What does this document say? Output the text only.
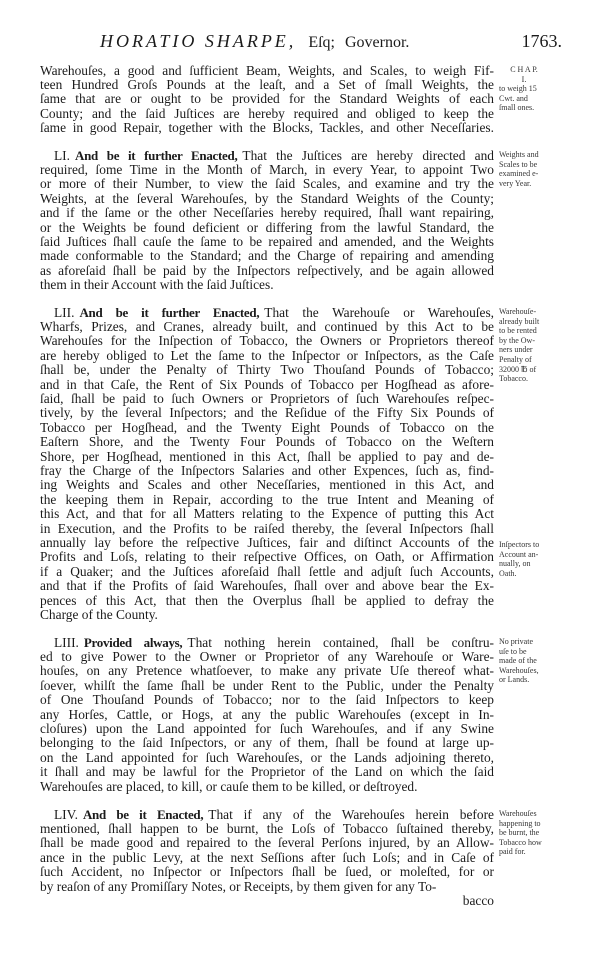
HORATIO SHARPE, Eſq; Governor.	1763.
Warehouſes, a good and ſufficient Beam, Weights, and Scales, to weigh Fif-
teen Hundred Groſs Pounds at the leaſt, and a Set of ſmall Weights, the
ſame that are or ought to be provided for the Standard Weights of each
County; and the ſaid Juſtices are hereby required and obliged to keep the
ſame in good Repair, together with the Blocks, Tackles, and other Neceſſaries.
C H A P.
I.
to weigh 15
Cwt. and
ſmall ones.
LI. And be it further Enacted, That the Juſtices are hereby directed and
required, ſome Time in the Month of March, in every Year, to appoint Two
or more of their Number, to view the ſaid Scales, and examine and try the
Weights, at the ſeveral Warehouſes, by the Standard Weights of the County;
and if the ſame or the other Neceſſaries hereby required, ſhall want repairing,
or the Weights be found deficient or differing from the lawful Standard, the
ſaid Juſtices ſhall cauſe the ſame to be repaired and amended, and the Weights
made conformable to the Standard; and the Charge of repairing and amending
as aforeſaid ſhall be paid by the Inſpectors reſpectively, and be again allowed
them in their Account with the ſaid Juſtices.
Weights and
Scales to be
examined e-
very Year.
LII. And be it further Enacted, That the Warehouſe or Warehouſes,
Wharfs, Prizes, and Cranes, already built, and continued by this Act to be
Warehouſes for the Inſpection of Tobacco, the Owners or Proprietors thereof
are hereby obliged to Let the ſame to the Inſpector or Inſpectors, as the Caſe
ſhall be, under the Penalty of Thirty Two Thouſand Pounds of Tobacco;
and in that Caſe, the Rent of Six Pounds of Tobacco per Hogſhead as afore-
ſaid, ſhall be paid to ſuch Owners or Proprietors of ſuch Warehouſes reſpec-
tively, by the ſeveral Inſpectors; and the Reſidue of the Fifty Six Pounds of
Tobacco per Hogſhead, and the Twenty Eight Pounds of Tobacco on the
Eaſtern Shore, and the Twenty Four Pounds of Tobacco on the Weſtern
Shore, per Hogſhead, mentioned in this Act, ſhall be applied to pay and de-
fray the Charge of the Inſpectors Salaries and other Expences, ſuch as, find-
ing Weights and Scales and other Neceſſaries, mentioned in this Act, and
the keeping them in Repair, according to the true Intent and Meaning of
this Act, and that for all Matters relating to the Expence of putting this Act
in Execution, and the Profits to be raiſed thereby, the ſeveral Inſpectors ſhall
annually lay before the reſpective Juſtices, fair and diſtinct Accounts of the
Profits and Loſs, relating to their reſpective Offices, on Oath, or Affirmation
if a Quaker; and the Juſtices aforeſaid ſhall ſettle and adjuſt ſuch Accounts,
and that if the Profits of ſaid Warehouſes, ſhall over and above bear the Ex-
pences of this Act, that then the Overplus ſhall be applied to defray the
Charge of the County.
Warehouſe-
already built
to be rented
by the Ow-
ners under
Penalty of
32000 ℔ of
Tobacco.
Inſpectors to
Account an-
nually, on
Oath.
LIII. Provided always, That nothing herein contained, ſhall be conſtru-
ed to give Power to the Owner or Proprietor of any Warehouſe or Ware-
houſes, on any Pretence whatſoever, to make any private Uſe thereof what-
ſoever, whilſt the ſame ſhall be under Rent to the Public, under the Penalty
of One Thouſand Pounds of Tobacco; nor to the ſaid Inſpectors to keep
any Horſes, Cattle, or Hogs, at any the public Warehouſes (except in In-
cloſures) upon the Land appointed for ſuch Warehouſes, and if any Swine
belonging to the ſaid Inſpectors, or any of them, ſhall be found at large up-
on the Land appointed for ſuch Warehouſes, or the Lands adjoining thereto,
it ſhall and may be lawful for the Proprietor of the Land on which the ſaid
Warehouſes are placed, to kill, or cauſe them to be killed, or deſtroyed.
No private
uſe to be
made of the
Warehouſes,
or Lands.
LIV. And be it Enacted, That if any of the Warehouſes herein before
mentioned, ſhall happen to be burnt, the Loſs of Tobacco ſuſtained thereby,
ſhall be made good and repaired to the ſeveral Perſons injured, by an Allow-
ance in the public Levy, at the next Seſſions after ſuch Loſs; and in Caſe of
ſuch Accident, no Inſpector or Inſpectors ſhall be ſued, or moleſted, for or
by reaſon of any Promiſſary Notes, or Receipts, by them given for any To-
Warehouſes
happening to
be burnt, the
Tobacco how
paid for.
bacco
